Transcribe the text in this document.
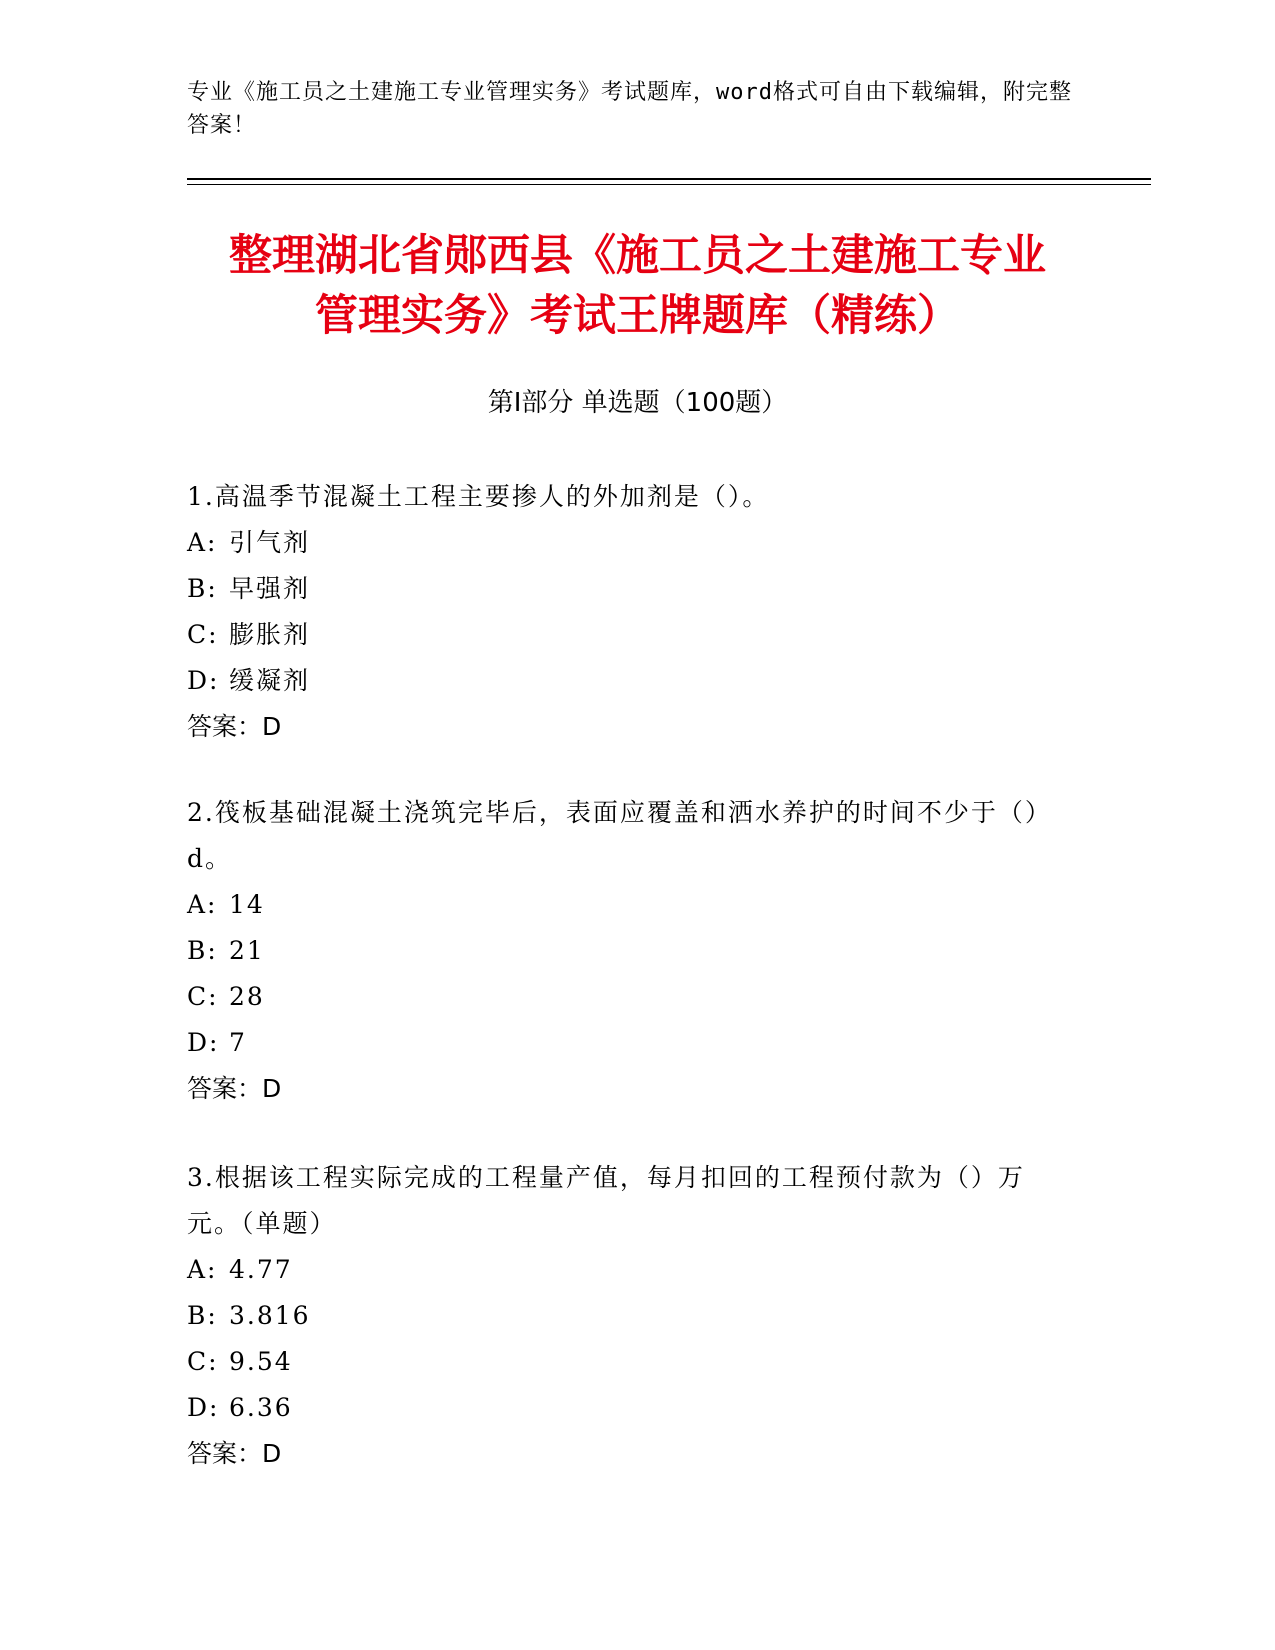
专业《施工员之土建施工专业管理实务》考试题库，word格式可自由下载编辑，附完整答案！
整理湖北省郧西县《施工员之土建施工专业
管理实务》考试王牌题库（精练）
第Ⅰ部分 单选题（100题）

1.高温季节混凝土工程主要掺人的外加剂是（）。

A: 引气剂
B: 早强剂
C: 膨胀剂
D: 缓凝剂

答案：D

2.筏板基础混凝土浇筑完毕后，表面应覆盖和洒水养护的时间不少于（）d。

A: 14
B: 21
C: 28
D: 7

答案：D

3.根据该工程实际完成的工程量产值，每月扣回的工程预付款为（）万元。（单题）

A: 4.77
B: 3.816
C: 9.54
D: 6.36

答案：D
